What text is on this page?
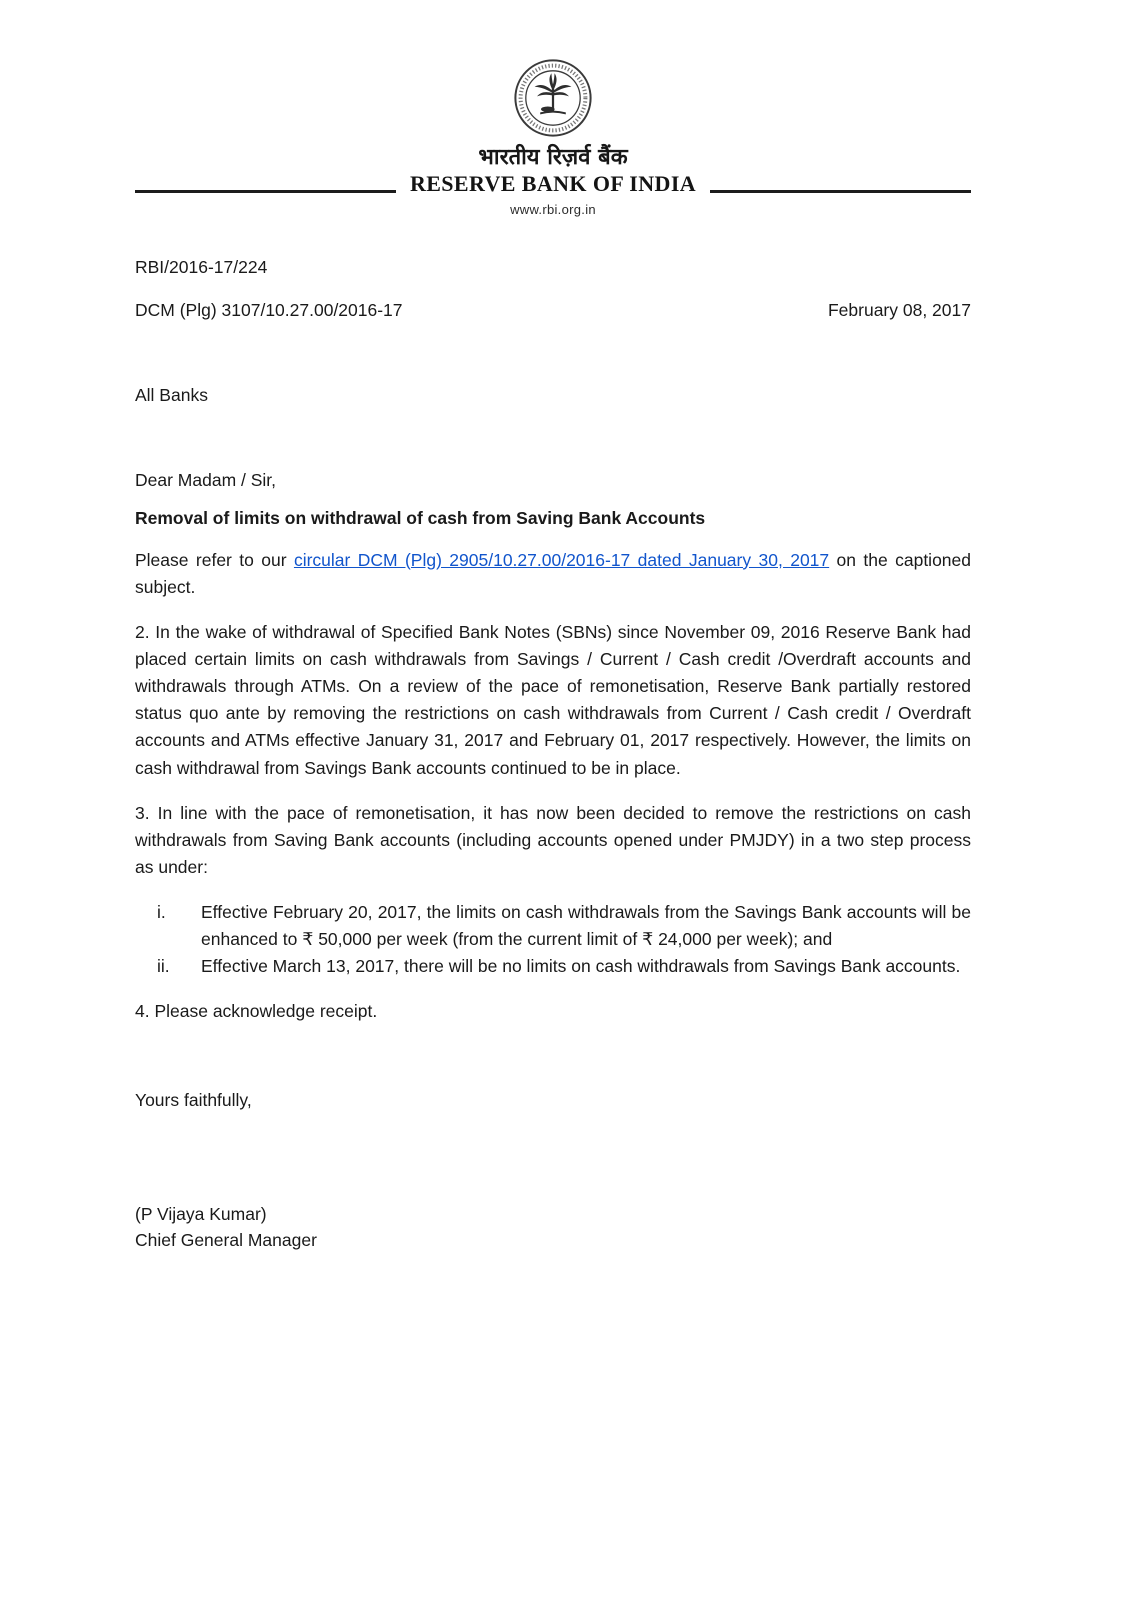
भारतीय रिज़र्व बैंक
RESERVE BANK OF INDIA
www.rbi.org.in
RBI/2016-17/224
DCM (Plg) 3107/10.27.00/2016-17	February 08, 2017
All Banks
Dear Madam / Sir,
Removal of limits on withdrawal of cash from Saving Bank Accounts
Please refer to our circular DCM (Plg) 2905/10.27.00/2016-17 dated January 30, 2017 on the captioned subject.
2. In the wake of withdrawal of Specified Bank Notes (SBNs) since November 09, 2016 Reserve Bank had placed certain limits on cash withdrawals from Savings / Current / Cash credit /Overdraft accounts and withdrawals through ATMs. On a review of the pace of remonetisation, Reserve Bank partially restored status quo ante by removing the restrictions on cash withdrawals from Current / Cash credit / Overdraft accounts and ATMs effective January 31, 2017 and February 01, 2017 respectively. However, the limits on cash withdrawal from Savings Bank accounts continued to be in place.
3. In line with the pace of remonetisation, it has now been decided to remove the restrictions on cash withdrawals from Saving Bank accounts (including accounts opened under PMJDY) in a two step process as under:
i.	Effective February 20, 2017, the limits on cash withdrawals from the Savings Bank accounts will be enhanced to ₹ 50,000 per week (from the current limit of ₹ 24,000 per week); and
ii.	Effective March 13, 2017, there will be no limits on cash withdrawals from Savings Bank accounts.
4. Please acknowledge receipt.
Yours faithfully,
(P Vijaya Kumar)
Chief General Manager
